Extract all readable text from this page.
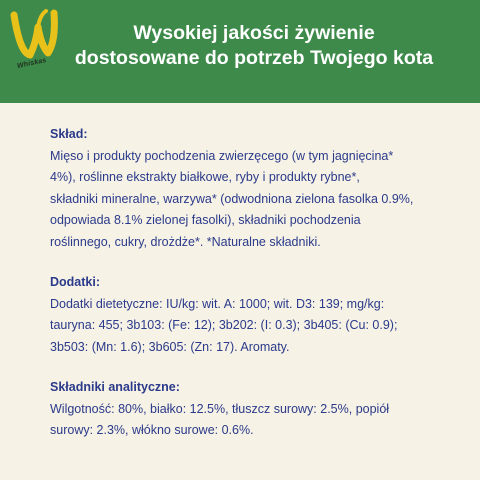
Whiskas
Wysokiej jakości żywienie
dostosowane do potrzeb Twojego kota
Skład:
Mięso i produkty pochodzenia zwierzęcego (w tym jagnięcina*
4%), roślinne ekstrakty białkowe, ryby i produkty rybne*,
składniki mineralne, warzywa* (odwodniona zielona fasolka 0.9%,
odpowiada 8.1% zielonej fasolki), składniki pochodzenia
roślinnego, cukry, drożdże*. *Naturalne składniki.
Dodatki:
Dodatki dietetyczne: IU/kg: wit. A: 1000; wit. D3: 139; mg/kg:
tauryna: 455; 3b103: (Fe: 12); 3b202: (I: 0.3); 3b405: (Cu: 0.9);
3b503: (Mn: 1.6); 3b605: (Zn: 17). Aromaty.
Składniki analityczne:
Wilgotność: 80%, białko: 12.5%, tłuszcz surowy: 2.5%, popiół
surowy: 2.3%, włókno surowe: 0.6%.
